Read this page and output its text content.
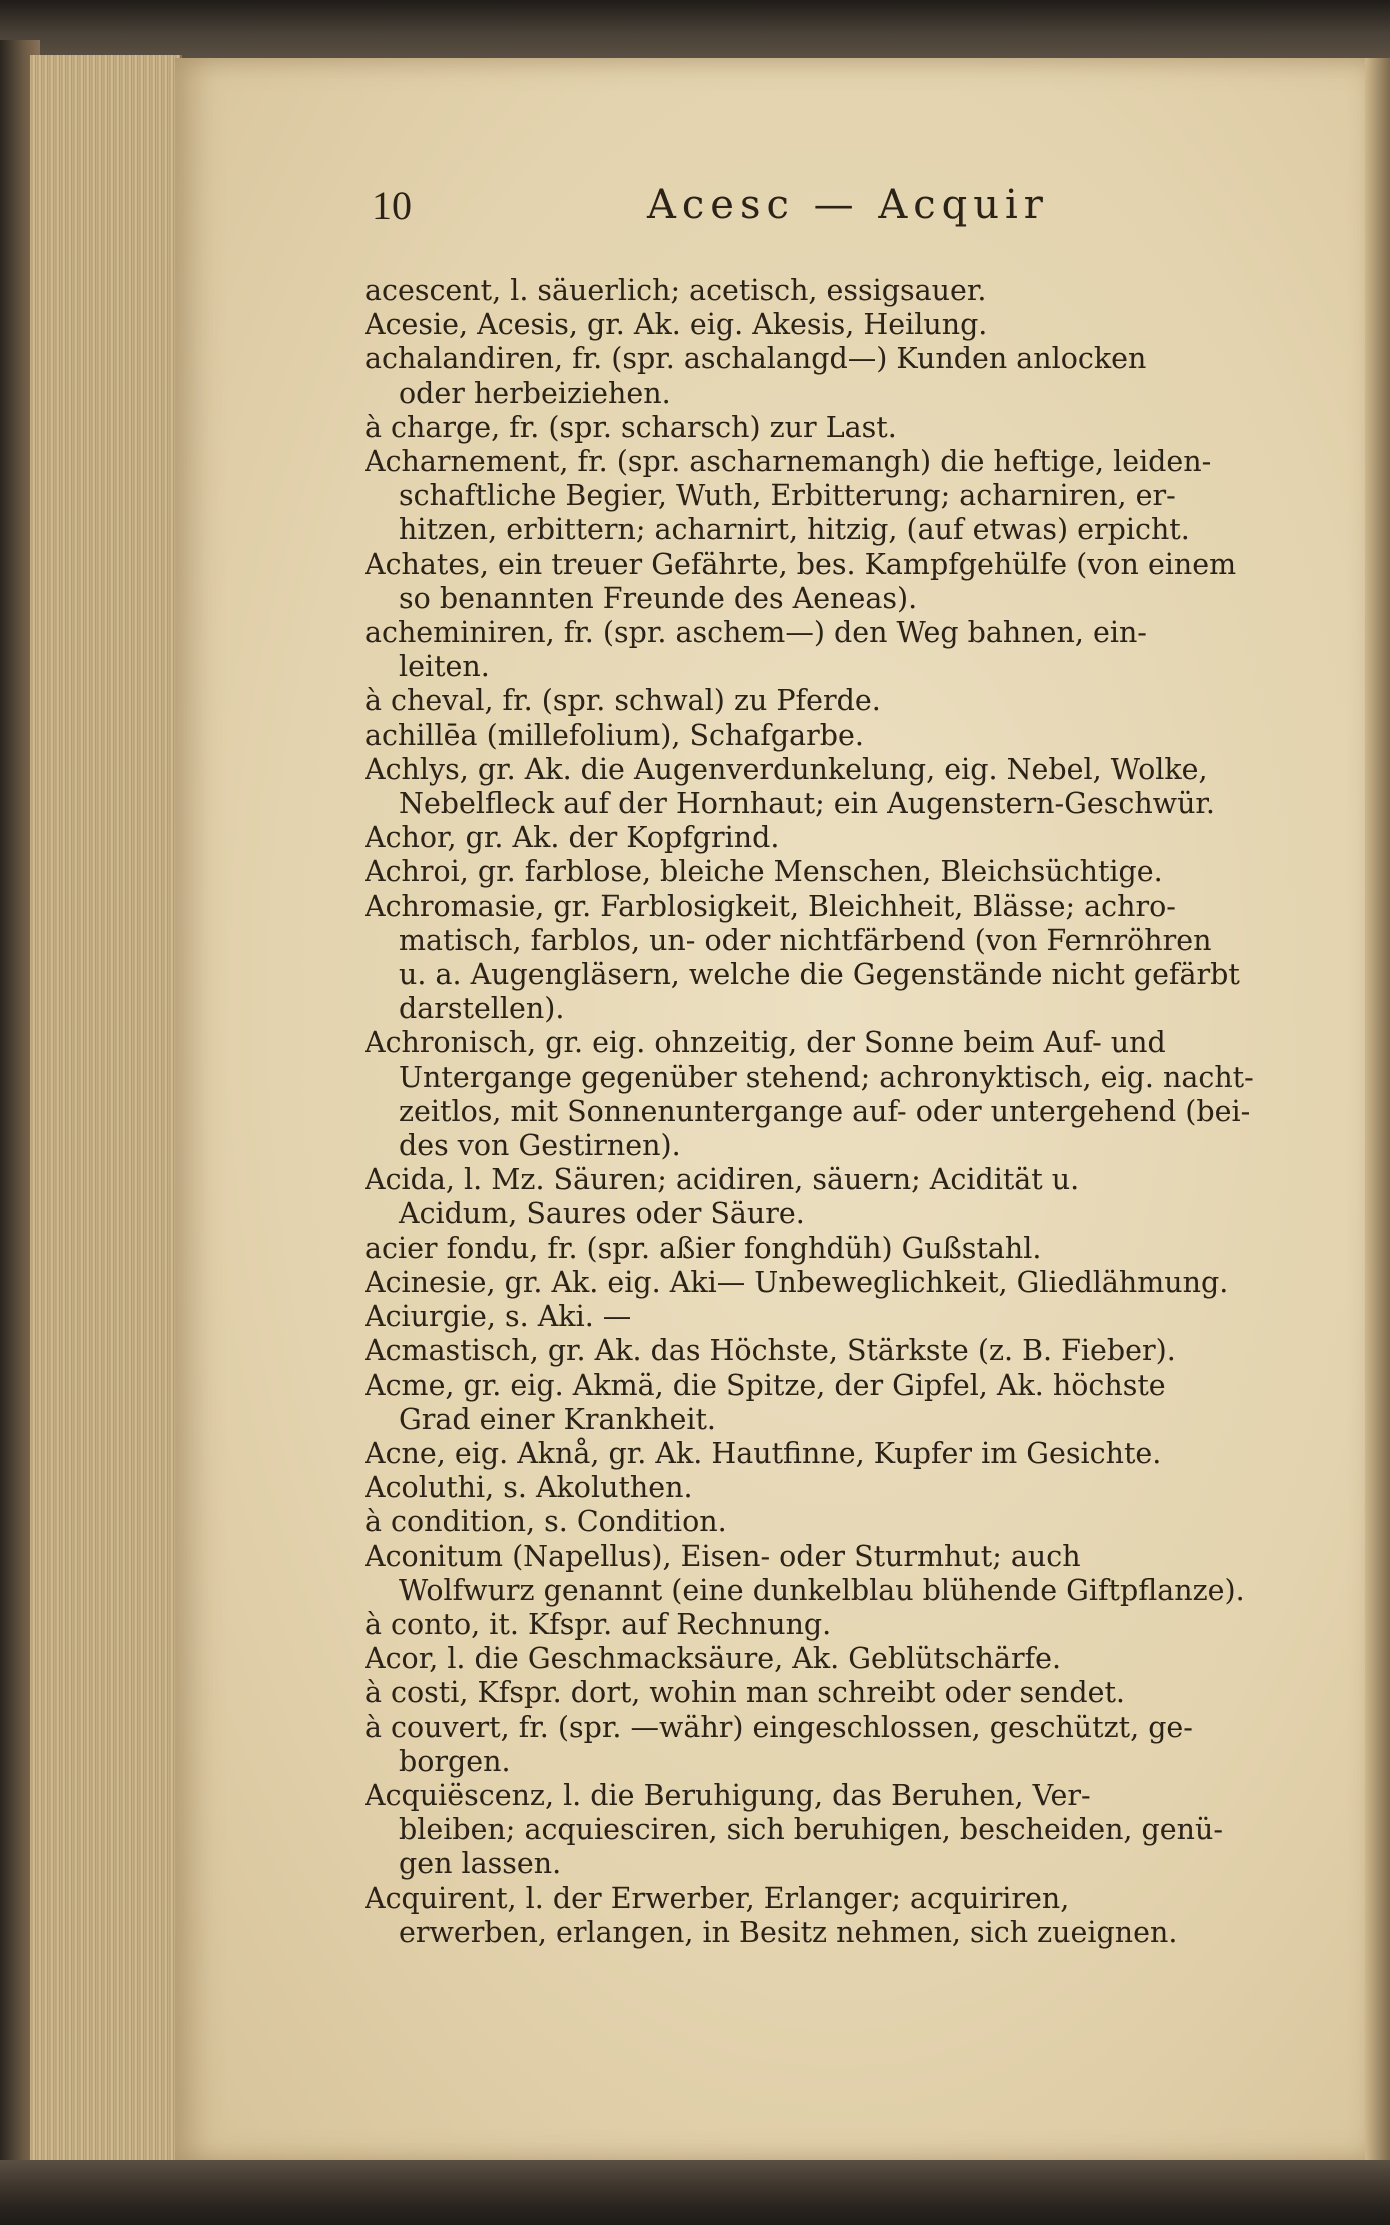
10	Acesc — Acquir
acescent, l. säuerlich; acetisch, essigsauer.
Acesie, Acesis, gr. Ak. eig. Akesis, Heilung.
achalandiren, fr. (spr. aschalangd—) Kunden anlocken
oder herbeiziehen.
à charge, fr. (spr. scharsch) zur Last.
Acharnement, fr. (spr. ascharnemangh) die heftige, leiden-
schaftliche Begier, Wuth, Erbitterung; acharniren, er-
hitzen, erbittern; acharnirt, hitzig, (auf etwas) erpicht.
Achates, ein treuer Gefährte, bes. Kampfgehülfe (von einem
so benannten Freunde des Aeneas).
acheminiren, fr. (spr. aschem—) den Weg bahnen, ein-
leiten.
à cheval, fr. (spr. schwal) zu Pferde.
achillēa (millefolium), Schafgarbe.
Achlys, gr. Ak. die Augenverdunkelung, eig. Nebel, Wolke,
Nebelfleck auf der Hornhaut; ein Augenstern-Geschwür.
Achor, gr. Ak. der Kopfgrind.
Achroi, gr. farblose, bleiche Menschen, Bleichsüchtige.
Achromasie, gr. Farblosigkeit, Bleichheit, Blässe; achro-
matisch, farblos, un- oder nichtfärbend (von Fernröhren
u. a. Augengläsern, welche die Gegenstände nicht gefärbt
darstellen).
Achronisch, gr. eig. ohnzeitig, der Sonne beim Auf- und
Untergange gegenüber stehend; achronyktisch, eig. nacht-
zeitlos, mit Sonnenuntergange auf- oder untergehend (bei-
des von Gestirnen).
Acida, l. Mz. Säuren; acidiren, säuern; Acidität u.
Acidum, Saures oder Säure.
acier fondu, fr. (spr. aßier fonghdüh) Gußstahl.
Acinesie, gr. Ak. eig. Aki— Unbeweglichkeit, Gliedlähmung.
Aciurgie, s. Aki. —
Acmastisch, gr. Ak. das Höchste, Stärkste (z. B. Fieber).
Acme, gr. eig. Akmä, die Spitze, der Gipfel, Ak. höchste
Grad einer Krankheit.
Acne, eig. Aknå, gr. Ak. Hautfinne, Kupfer im Gesichte.
Acoluthi, s. Akoluthen.
à condition, s. Condition.
Aconitum (Napellus), Eisen- oder Sturmhut; auch
Wolfwurz genannt (eine dunkelblau blühende Giftpflanze).
à conto, it. Kfspr. auf Rechnung.
Acor, l. die Geschmacksäure, Ak. Geblütschärfe.
à costi, Kfspr. dort, wohin man schreibt oder sendet.
à couvert, fr. (spr. —währ) eingeschlossen, geschützt, ge-
borgen.
Acquiëscenz, l. die Beruhigung, das Beruhen, Ver-
bleiben; acquiesciren, sich beruhigen, bescheiden, genü-
gen lassen.
Acquirent, l. der Erwerber, Erlanger; acquiriren,
erwerben, erlangen, in Besitz nehmen, sich zueignen.
